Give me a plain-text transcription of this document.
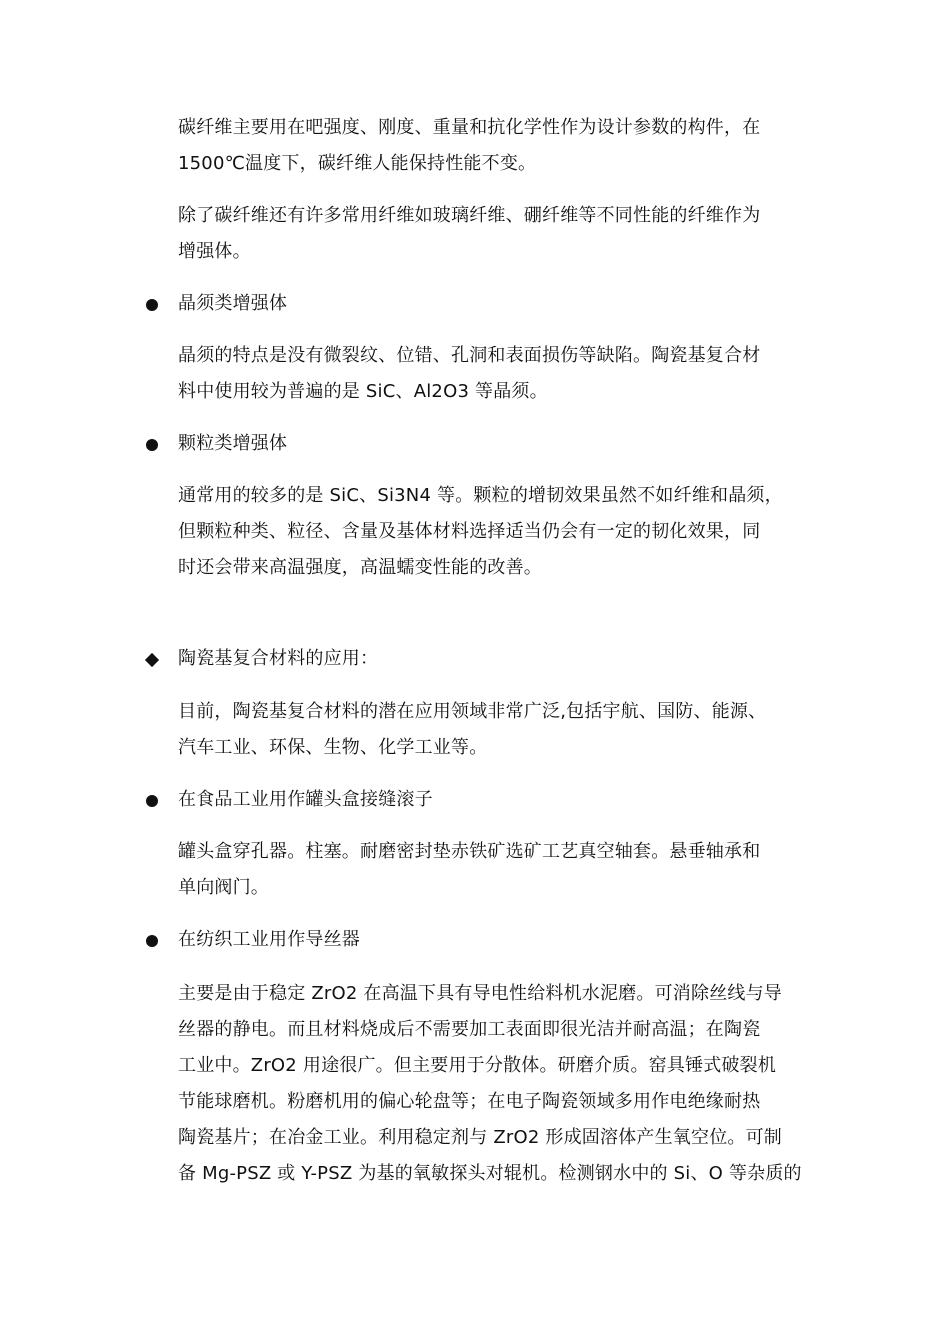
碳纤维主要用在吧强度、刚度、重量和抗化学性作为设计参数的构件，在
1500℃温度下，碳纤维人能保持性能不变。
除了碳纤维还有许多常用纤维如玻璃纤维、硼纤维等不同性能的纤维作为
增强体。
晶须类增强体
晶须的特点是没有微裂纹、位错、孔洞和表面损伤等缺陷。陶瓷基复合材
料中使用较为普遍的是 SiC、Al2O3 等晶须。
颗粒类增强体
通常用的较多的是 SiC、Si3N4 等。颗粒的增韧效果虽然不如纤维和晶须，
但颗粒种类、粒径、含量及基体材料选择适当仍会有一定的韧化效果，同
时还会带来高温强度，高温蠕变性能的改善。
陶瓷基复合材料的应用：
目前，陶瓷基复合材料的潜在应用领域非常广泛,包括宇航、国防、能源、
汽车工业、环保、生物、化学工业等。
在食品工业用作罐头盒接缝滚子
罐头盒穿孔器。柱塞。耐磨密封垫赤铁矿选矿工艺真空轴套。悬垂轴承和
单向阀门。
在纺织工业用作导丝器
主要是由于稳定 ZrO2 在高温下具有导电性给料机水泥磨。可消除丝线与导
丝器的静电。而且材料烧成后不需要加工表面即很光洁并耐高温；在陶瓷
工业中。ZrO2 用途很广。但主要用于分散体。研磨介质。窑具锤式破裂机
节能球磨机。粉磨机用的偏心轮盘等；在电子陶瓷领域多用作电绝缘耐热
陶瓷基片；在冶金工业。利用稳定剂与 ZrO2 形成固溶体产生氧空位。可制
备 Mg-PSZ 或 Y-PSZ 为基的氧敏探头对辊机。检测钢水中的 Si、O 等杂质的
